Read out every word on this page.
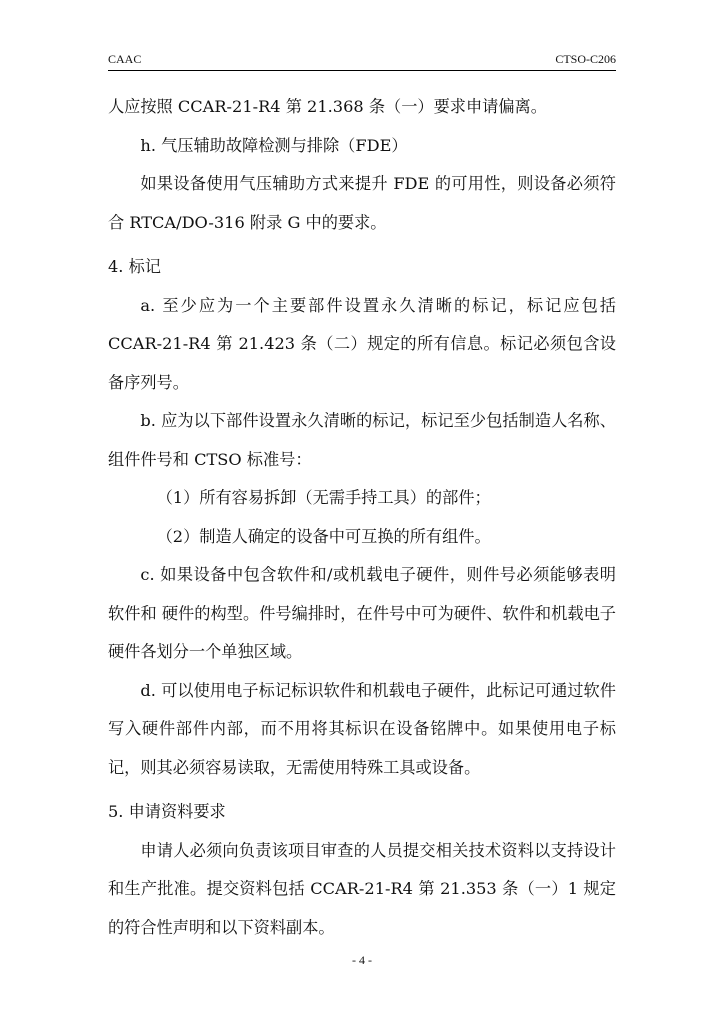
CAAC	CTSO-C206

人应按照 CCAR-21-R4 第 21.368 条（一）要求申请偏离。

h. 气压辅助故障检测与排除（FDE）

如果设备使用气压辅助方式来提升 FDE 的可用性，则设备必须符合 RTCA/DO-316 附录 G 中的要求。

4. 标记

a. 至少应为一个主要部件设置永久清晰的标记，标记应包括 CCAR-21-R4 第 21.423 条（二）规定的所有信息。标记必须包含设备序列号。

b. 应为以下部件设置永久清晰的标记，标记至少包括制造人名称、组件件号和 CTSO 标准号：

（1）所有容易拆卸（无需手持工具）的部件；

（2）制造人确定的设备中可互换的所有组件。

c. 如果设备中包含软件和/或机载电子硬件，则件号必须能够表明软件和 硬件的构型。件号编排时，在件号中可为硬件、软件和机载电子硬件各划分一个单独区域。

d. 可以使用电子标记标识软件和机载电子硬件，此标记可通过软件写入硬件部件内部，而不用将其标识在设备铭牌中。如果使用电子标记，则其必须容易读取，无需使用特殊工具或设备。

5. 申请资料要求

申请人必须向负责该项目审查的人员提交相关技术资料以支持设计和生产批准。提交资料包括 CCAR-21-R4 第 21.353 条（一）1 规定的符合性声明和以下资料副本。

- 4 -
